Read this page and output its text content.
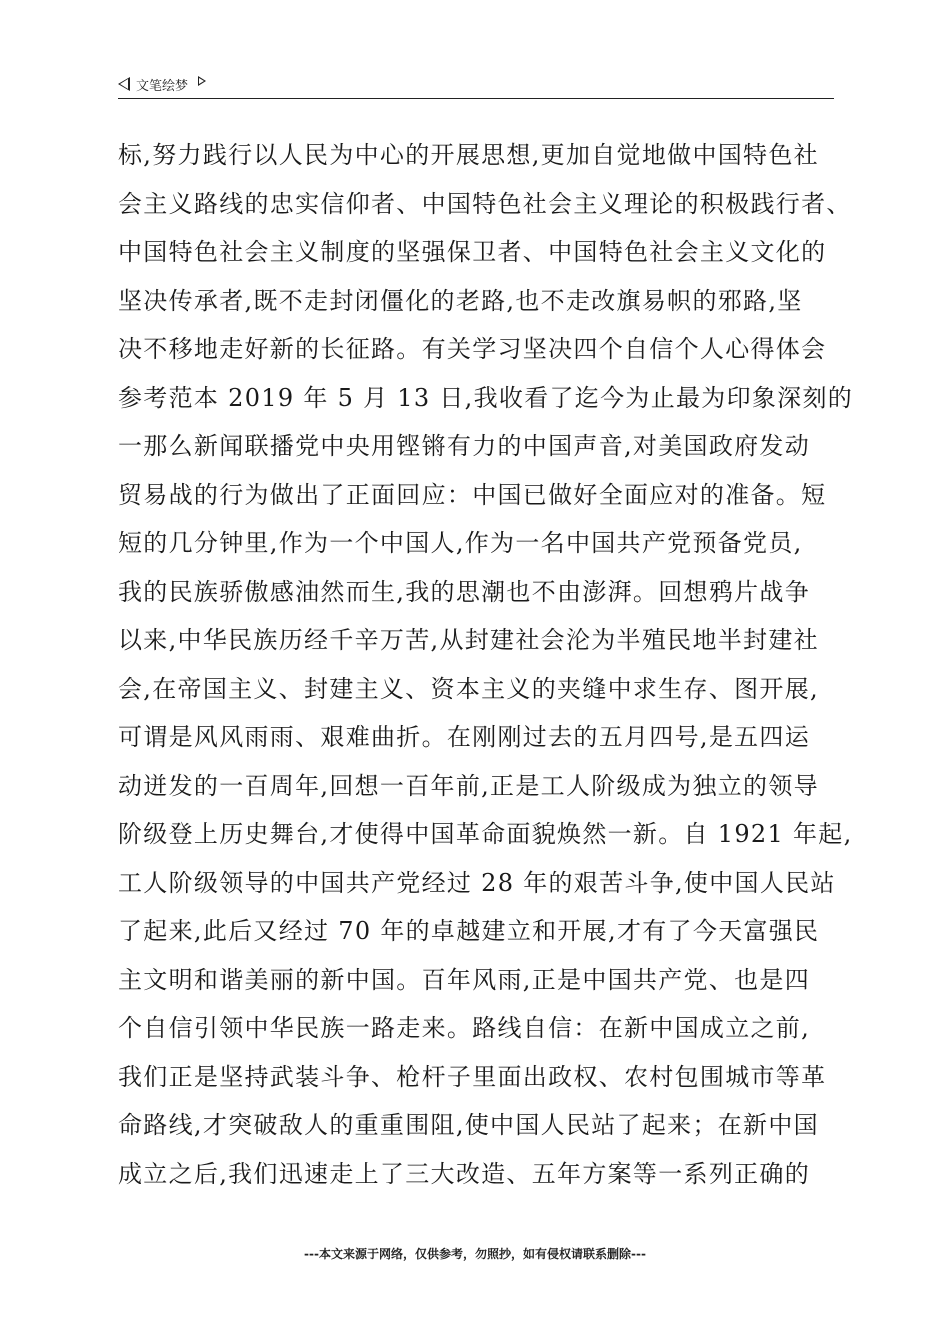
文笔绘梦
标,努力践行以人民为中心的开展思想,更加自觉地做中国特色社
会主义路线的忠实信仰者、中国特色社会主义理论的积极践行者、
中国特色社会主义制度的坚强保卫者、中国特色社会主义文化的
坚决传承者,既不走封闭僵化的老路,也不走改旗易帜的邪路,坚
决不移地走好新的长征路。有关学习坚决四个自信个人心得体会
参考范本 2019 年 5 月 13 日,我收看了迄今为止最为印象深刻的
一那么新闻联播党中央用铿锵有力的中国声音,对美国政府发动
贸易战的行为做出了正面回应：中国已做好全面应对的准备。短
短的几分钟里,作为一个中国人,作为一名中国共产党预备党员,
我的民族骄傲感油然而生,我的思潮也不由澎湃。回想鸦片战争
以来,中华民族历经千辛万苦,从封建社会沦为半殖民地半封建社
会,在帝国主义、封建主义、资本主义的夹缝中求生存、图开展,
可谓是风风雨雨、艰难曲折。在刚刚过去的五月四号,是五四运
动迸发的一百周年,回想一百年前,正是工人阶级成为独立的领导
阶级登上历史舞台,才使得中国革命面貌焕然一新。自 1921 年起,
工人阶级领导的中国共产党经过 28 年的艰苦斗争,使中国人民站
了起来,此后又经过 70 年的卓越建立和开展,才有了今天富强民
主文明和谐美丽的新中国。百年风雨,正是中国共产党、也是四
个自信引领中华民族一路走来。路线自信：在新中国成立之前,
我们正是坚持武装斗争、枪杆子里面出政权、农村包围城市等革
命路线,才突破敌人的重重围阻,使中国人民站了起来；在新中国
成立之后,我们迅速走上了三大改造、五年方案等一系列正确的
---本文来源于网络，仅供参考，勿照抄，如有侵权请联系删除---
